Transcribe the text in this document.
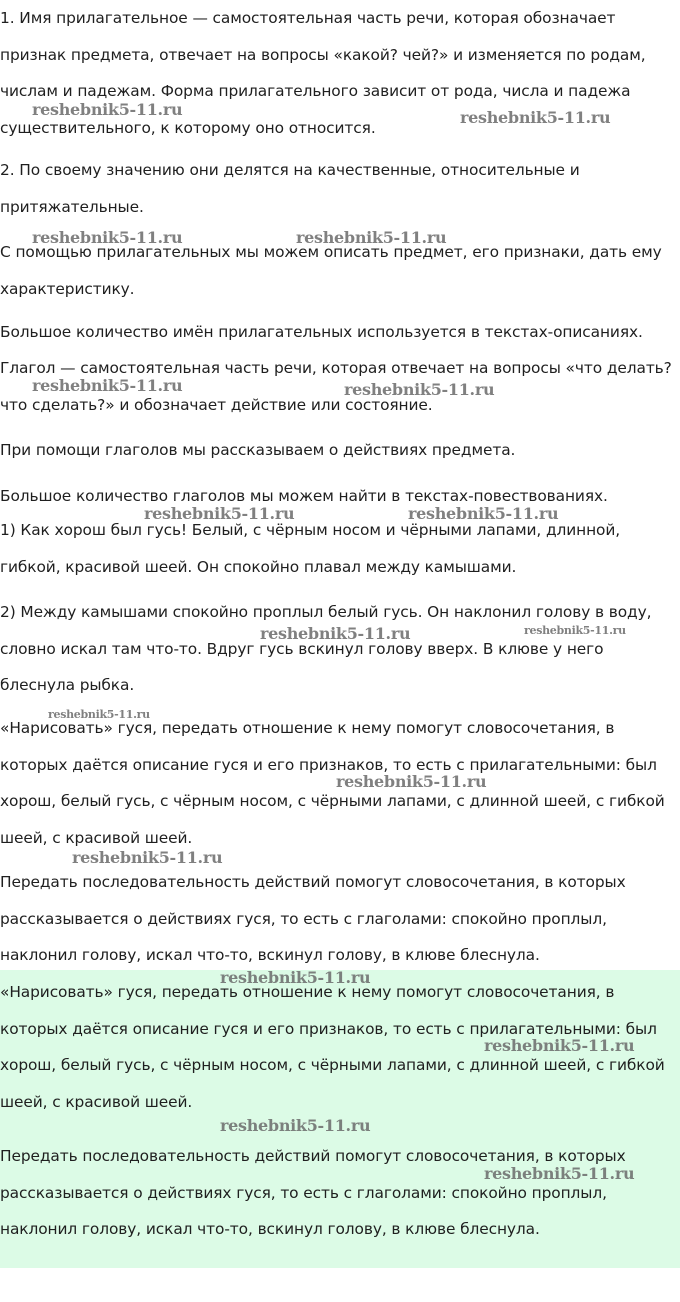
1. Имя прилагательное — самостоятельная часть речи, которая обозначает признак предмета, отвечает на вопросы «какой? чей?» и изменяется по родам, числам и падежам. Форма прилагательного зависит от рода, числа и падежа существительного, к которому оно относится.

2. По своему значению они делятся на качественные, относительные и притяжательные.

С помощью прилагательных мы можем описать предмет, его признаки, дать ему характеристику.

Большое количество имён прилагательных используется в текстах-описаниях.

Глагол — самостоятельная часть речи, которая отвечает на вопросы «что делать? что сделать?» и обозначает действие или состояние.

При помощи глаголов мы рассказываем о действиях предмета.

Большое количество глаголов мы можем найти в текстах-повествованиях.

1) Как хорош был гусь! Белый, с чёрным носом и чёрными лапами, длинной, гибкой, красивой шеей. Он спокойно плавал между камышами.

2) Между камышами спокойно проплыл белый гусь. Он наклонил голову в воду, словно искал там что-то. Вдруг гусь вскинул голову вверх. В клюве у него блеснула рыбка.

«Нарисовать» гуся, передать отношение к нему помогут словосочетания, в которых даётся описание гуся и его признаков, то есть с прилагательными: был хорош, белый гусь, с чёрным носом, с чёрными лапами, с длинной шеей, с гибкой шеей, с красивой шеей.

Передать последовательность действий помогут словосочетания, в которых рассказывается о действиях гуся, то есть с глаголами: спокойно проплыл, наклонил голову, искал что-то, вскинул голову, в клюве блеснула.

«Нарисовать» гуся, передать отношение к нему помогут словосочетания, в которых даётся описание гуся и его признаков, то есть с прилагательными: был хорош, белый гусь, с чёрным носом, с чёрными лапами, с длинной шеей, с гибкой шеей, с красивой шеей.

Передать последовательность действий помогут словосочетания, в которых рассказывается о действиях гуся, то есть с глаголами: спокойно проплыл, наклонил голову, искал что-то, вскинул голову, в клюве блеснула.

reshebnik5-11.ru	reshebnik5-11.ru
reshebnik5-11.ru	reshebnik5-11.ru
reshebnik5-11.ru	reshebnik5-11.ru
reshebnik5-11.ru	reshebnik5-11.ru
reshebnik5-11.ru	reshebnik5-11.ru
reshebnik5-11.ru
reshebnik5-11.ru
reshebnik5-11.ru
reshebnik5-11.ru
reshebnik5-11.ru
reshebnik5-11.ru
reshebnik5-11.ru
